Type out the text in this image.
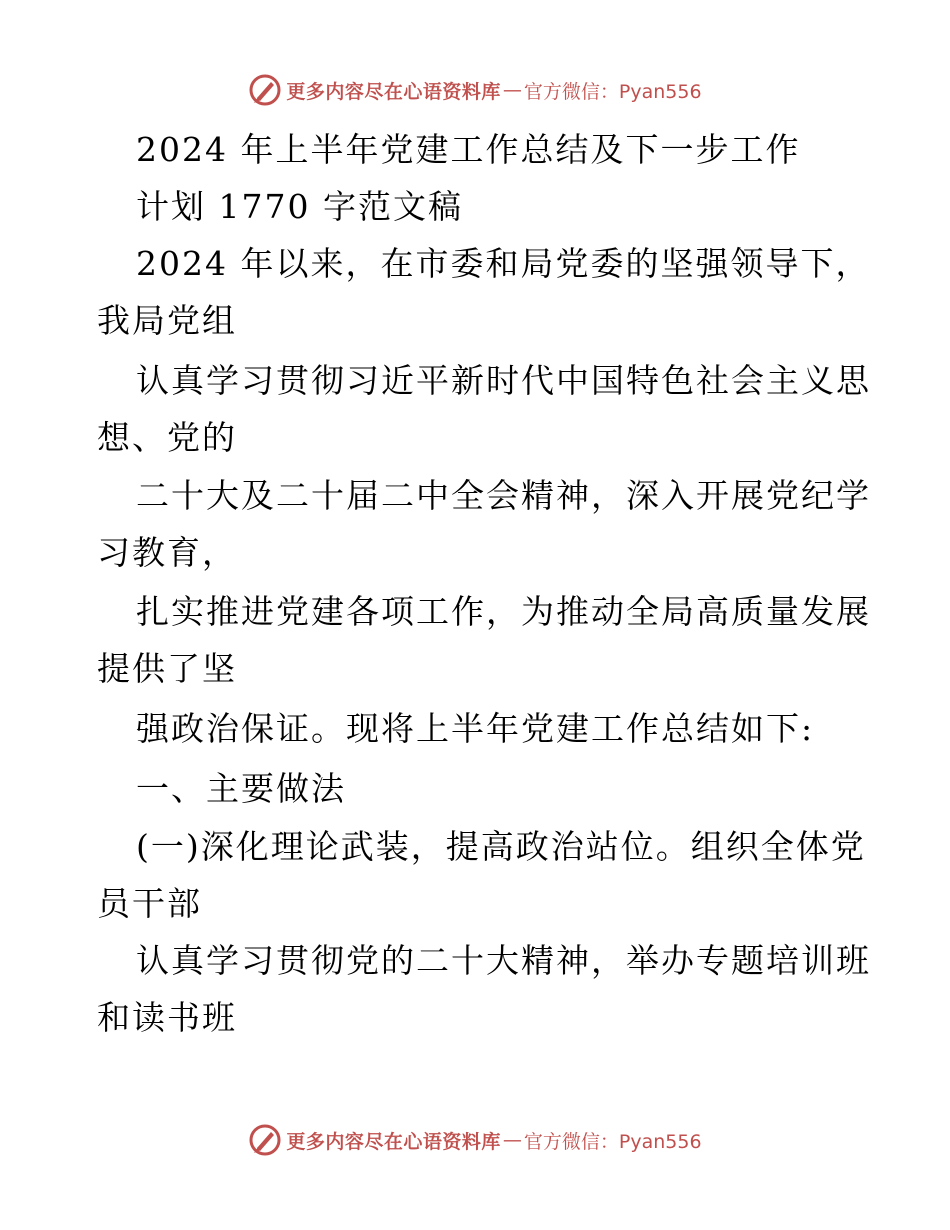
更多内容尽在心语资料库 — 官方微信：Pyan556
2024 年上半年党建工作总结及下一步工作
计划 1770 字范文稿
2024 年以来，在市委和局党委的坚强领导下，
我局党组
认真学习贯彻习近平新时代中国特色社会主义思
想、党的
二十大及二十届二中全会精神，深入开展党纪学
习教育，
扎实推进党建各项工作，为推动全局高质量发展
提供了坚
强政治保证。现将上半年党建工作总结如下:
一、主要做法
(一)深化理论武装，提高政治站位。组织全体党
员干部
认真学习贯彻党的二十大精神，举办专题培训班
和读书班
更多内容尽在心语资料库 — 官方微信：Pyan556
